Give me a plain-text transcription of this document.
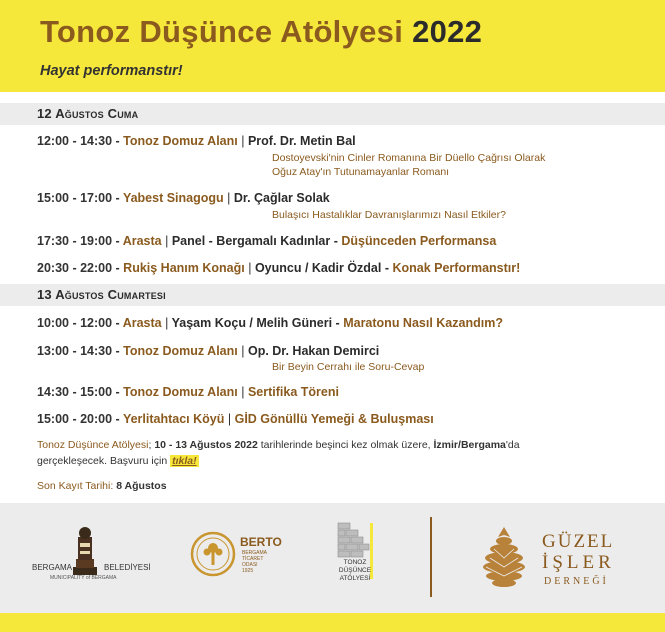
Tonoz Düşünce Atölyesi 2022
Hayat performanstır!
12 Ağustos Cuma
12:00 - 14:30 - Tonoz Domuz Alanı | Prof. Dr. Metin Bal
Dostoyevski'nin Cinler Romanına Bir Düello Çağrısı Olarak
Oğuz Atay'ın Tutunamayanlar Romanı
15:00 - 17:00 - Yabest Sinagogu | Dr. Çağlar Solak
Bulaşıcı Hastalıklar Davranışlarımızı Nasıl Etkiler?
17:30 - 19:00 - Arasta | Panel - Bergamalı Kadınlar - Düşünceden Performansa
20:30 - 22:00 - Rukiş Hanım Konağı | Oyuncu / Kadir Özdal - Konak Performanstır!
13 Ağustos Cumartesi
10:00 - 12:00 - Arasta | Yaşam Koçu / Melih Güneri - Maratonu Nasıl Kazandım?
13:00 - 14:30 - Tonoz Domuz Alanı | Op. Dr. Hakan Demirci
Bir Beyin Cerrahı ile Soru-Cevap
14:30 - 15:00 - Tonoz Domuz Alanı | Sertifika Töreni
15:00 - 20:00 - Yerlitahtacı Köyü | GİD Gönüllü Yemeği & Buluşması
Tonoz Düşünce Atölyesi; 10 - 13 Ağustos 2022 tarihlerinde beşinci kez olmak üzere, İzmir/Bergama'da
gerçekleşecek. Başvuru için tıkla!
Son Kayıt Tarihi: 8 Ağustos
BERGAMA	BELEDİYESİ
MUNICIPALITY of BERGAMA
BERTO
BERGAMA
TİCARET
ODASI
1925
TONOZ
DÜŞÜNCE
ATÖLYESİ
GÜZEL
İŞLER
DERNEĞİ
